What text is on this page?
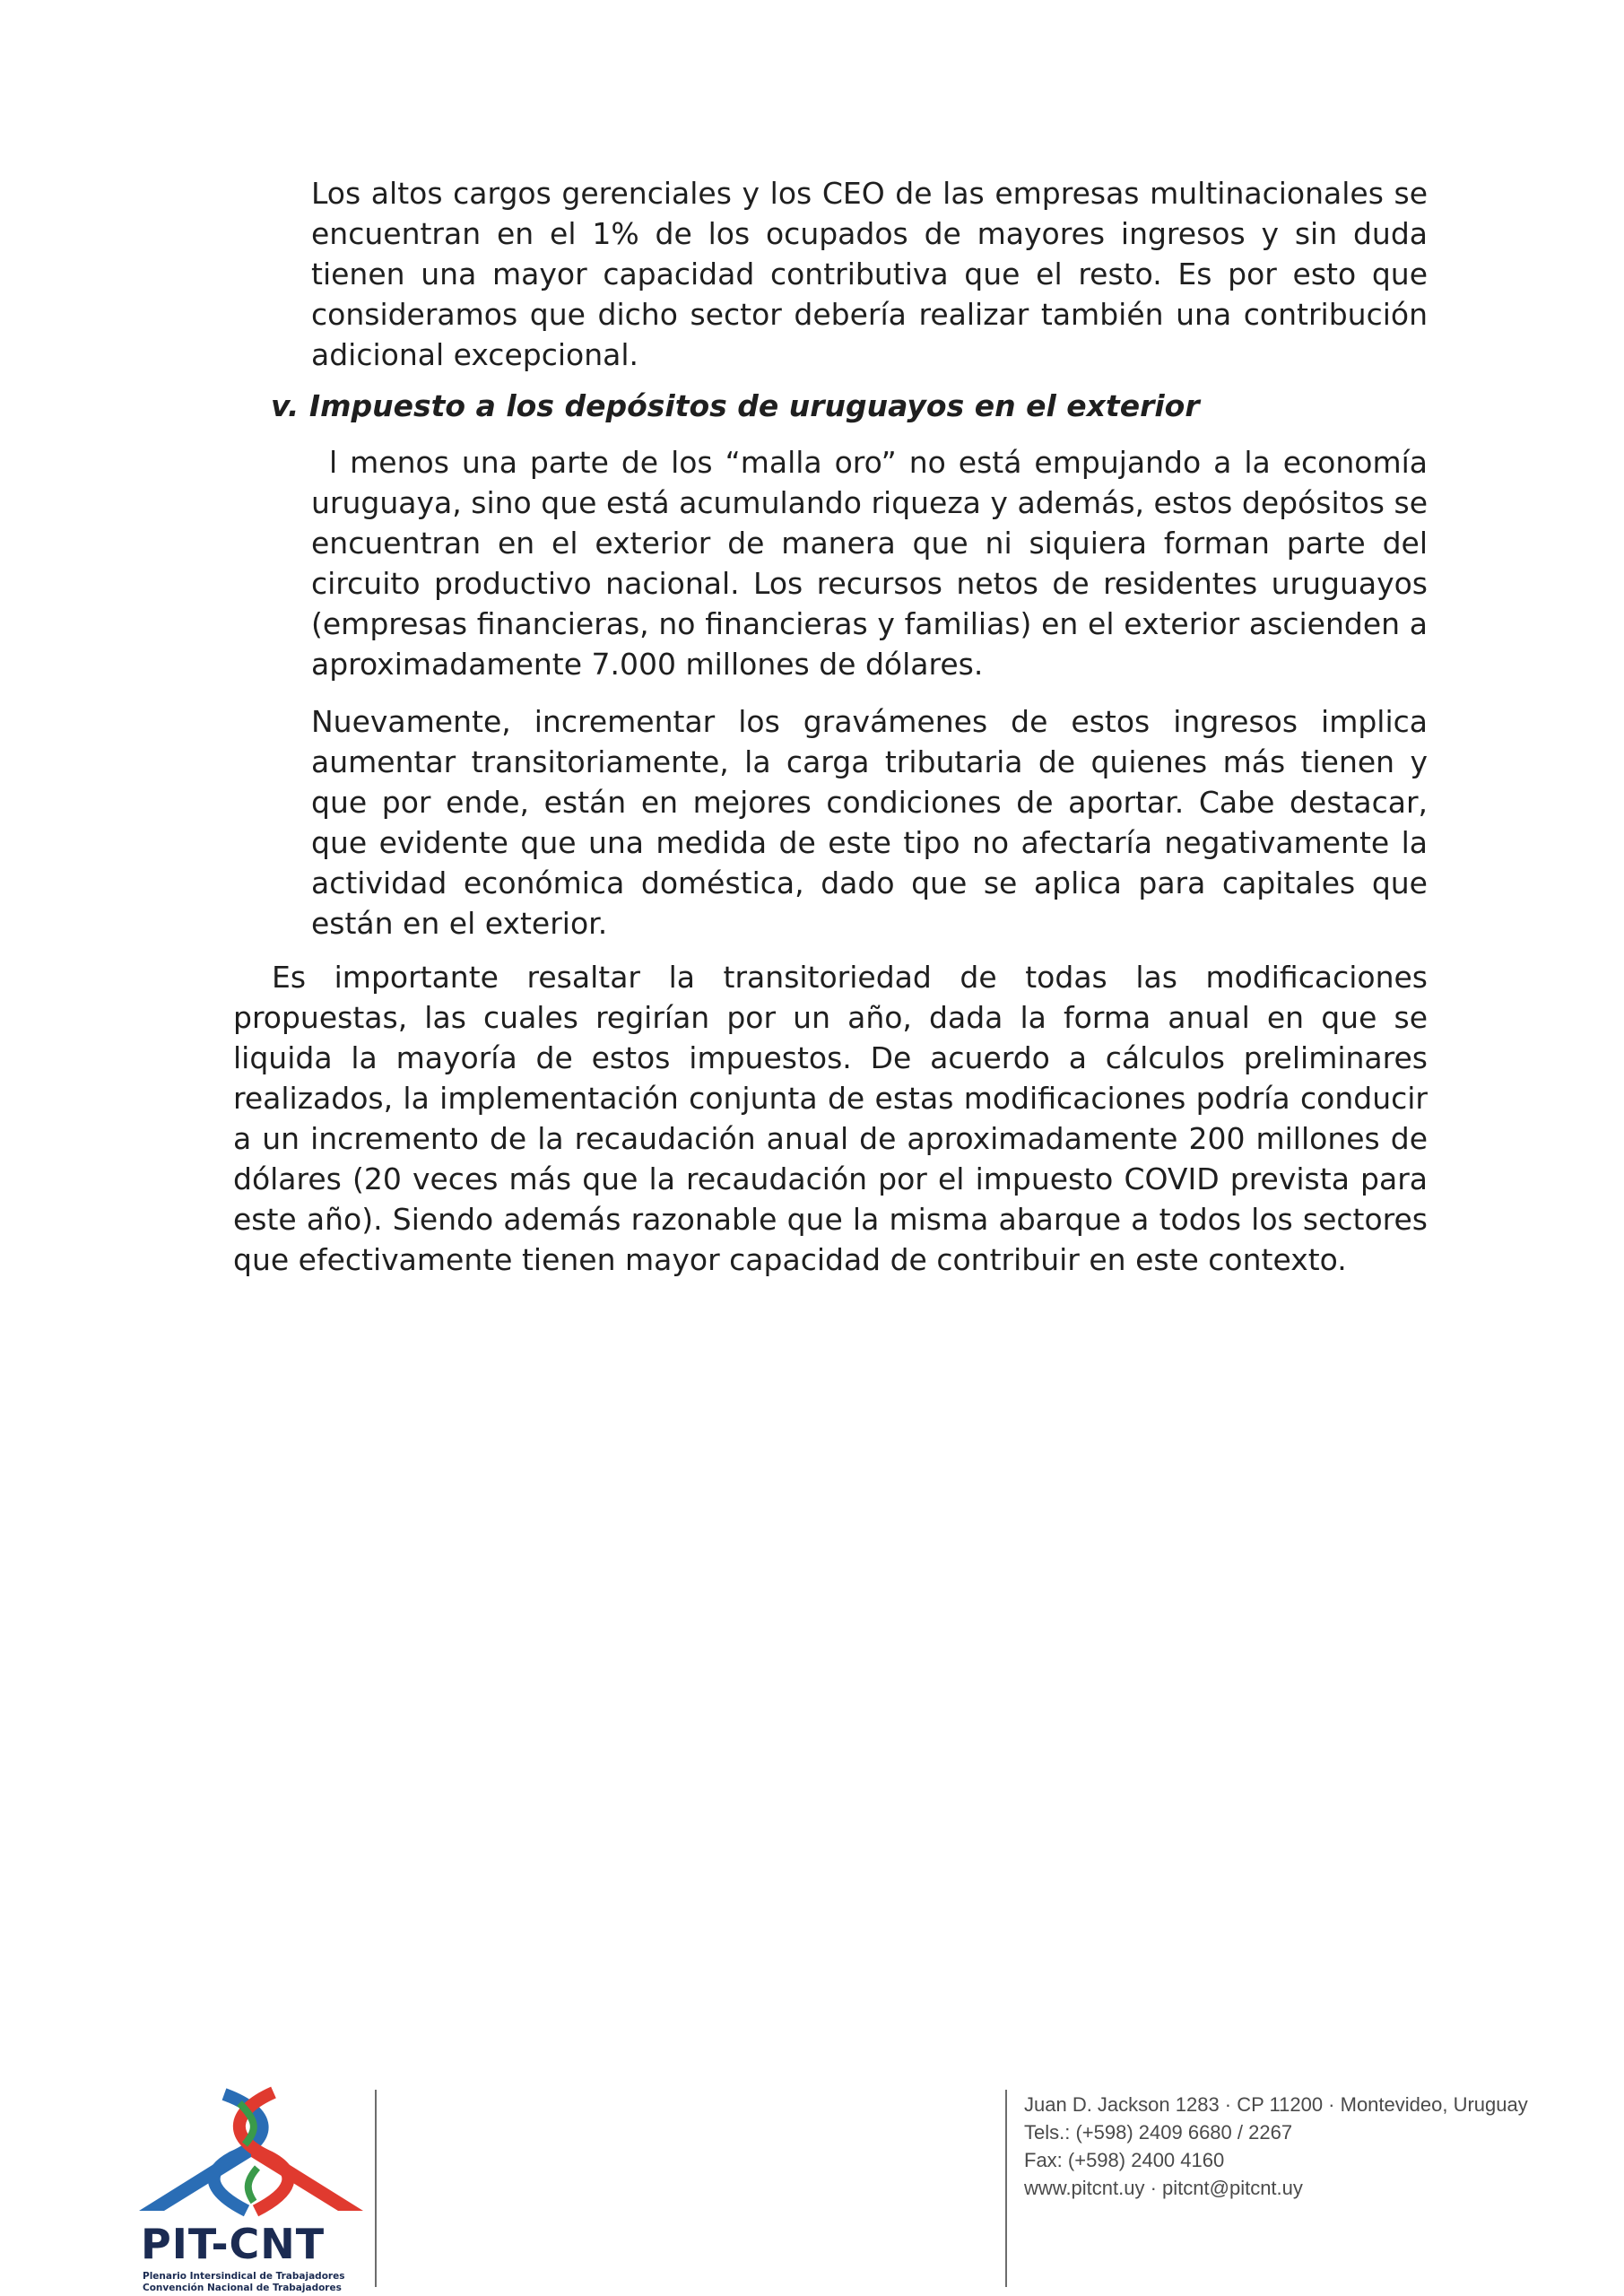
Los altos cargos gerenciales y los CEO de las empresas multinacionales se encuentran en el 1% de los ocupados de mayores ingresos y sin duda tienen una mayor capacidad contributiva que el resto. Es por esto que consideramos que dicho sector debería realizar también una contribución adicional excepcional.

v. Impuesto a los depósitos de uruguayos en el exterior

l menos una parte de los “malla oro” no está empujando a la economía uruguaya, sino que está acumulando riqueza y además, estos depósitos se encuentran en el exterior de manera que ni siquiera forman parte del circuito productivo nacional. Los recursos netos de residentes uruguayos (empresas financieras, no financieras y familias) en el exterior ascienden a aproximadamente 7.000 millones de dólares.

Nuevamente, incrementar los gravámenes de estos ingresos implica aumentar transitoriamente, la carga tributaria de quienes más tienen y que por ende, están en mejores condiciones de aportar. Cabe destacar, que evidente que una medida de este tipo no afectaría negativamente la actividad económica doméstica, dado que se aplica para capitales que están en el exterior.

Es importante resaltar la transitoriedad de todas las modificaciones propuestas, las cuales regirían por un año, dada la forma anual en que se liquida la mayoría de estos impuestos. De acuerdo a cálculos preliminares realizados, la implementación conjunta de estas modificaciones podría conducir a un incremento de la recaudación anual de aproximadamente 200 millones de dólares (20 veces más que la recaudación por el impuesto COVID prevista para este año). Siendo además razonable que la misma abarque a todos los sectores que efectivamente tienen mayor capacidad de contribuir en este contexto.

PIT-CNT

Plenario Intersindical de Trabajadores

Convención Nacional de Trabajadores

Juan D. Jackson 1283 · CP 11200 · Montevideo, Uruguay

Tels.: (+598) 2409 6680 / 2267

Fax: (+598) 2400 4160

www.pitcnt.uy · pitcnt@pitcnt.uy
